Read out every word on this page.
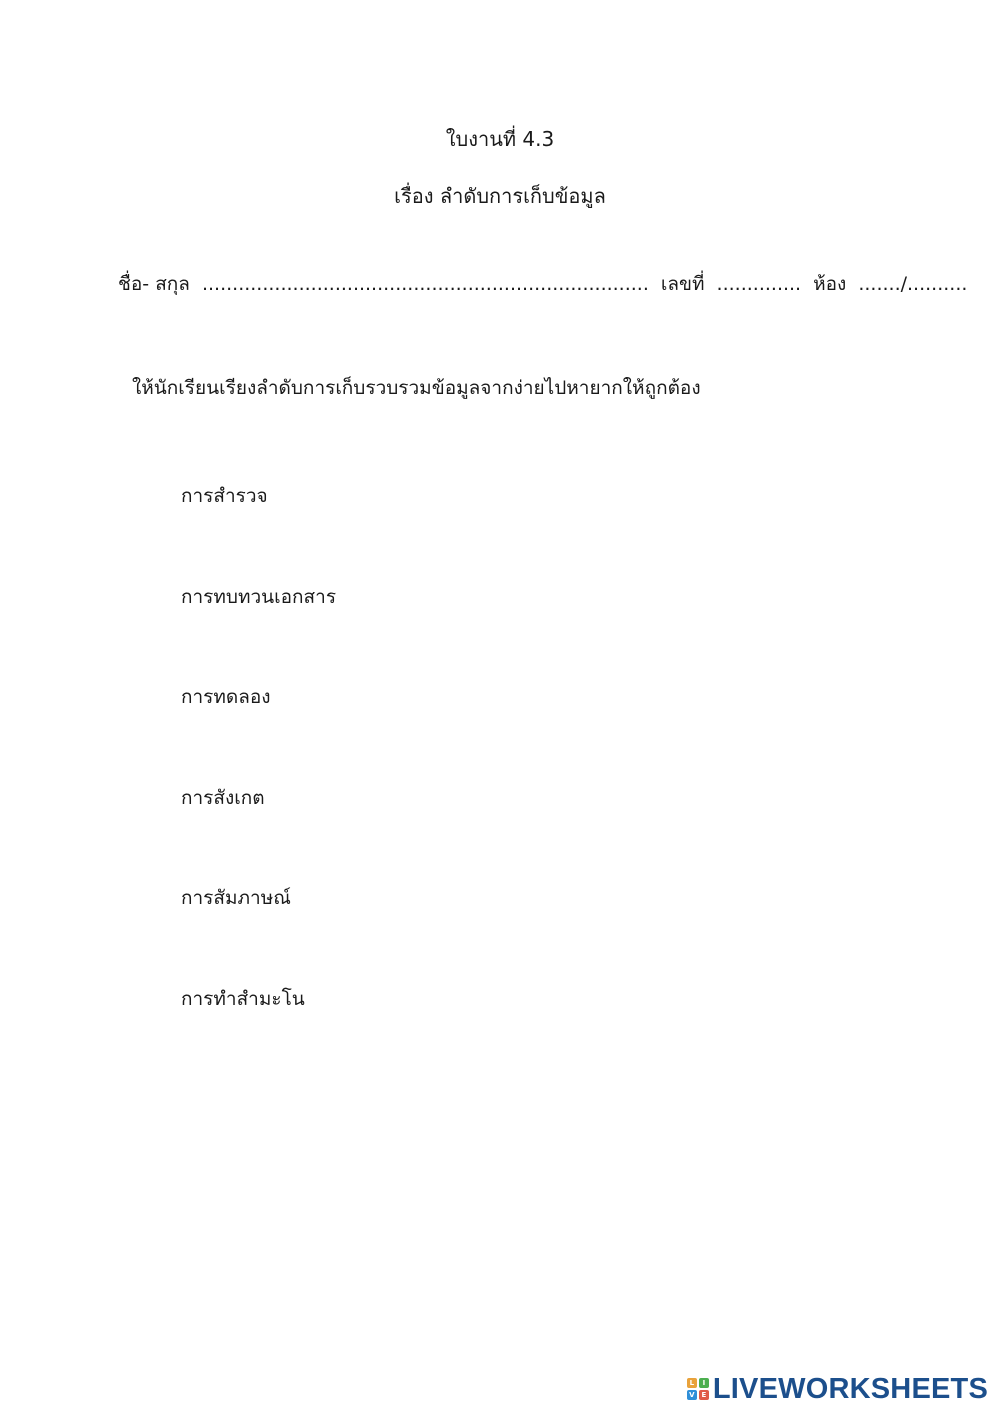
ใบงานที่ 4.3
เรื่อง ลำดับการเก็บข้อมูล
ชื่อ- สกุล .......................................................................... เลขที่ .............. ห้อง ......./..........
ให้นักเรียนเรียงลำดับการเก็บรวบรวมข้อมูลจากง่ายไปหายากให้ถูกต้อง
การสำรวจ
การทบทวนเอกสาร
การทดลอง
การสังเกต
การสัมภาษณ์
การทำสำมะโน
L	I
V E LIVEWORKSHEETS
